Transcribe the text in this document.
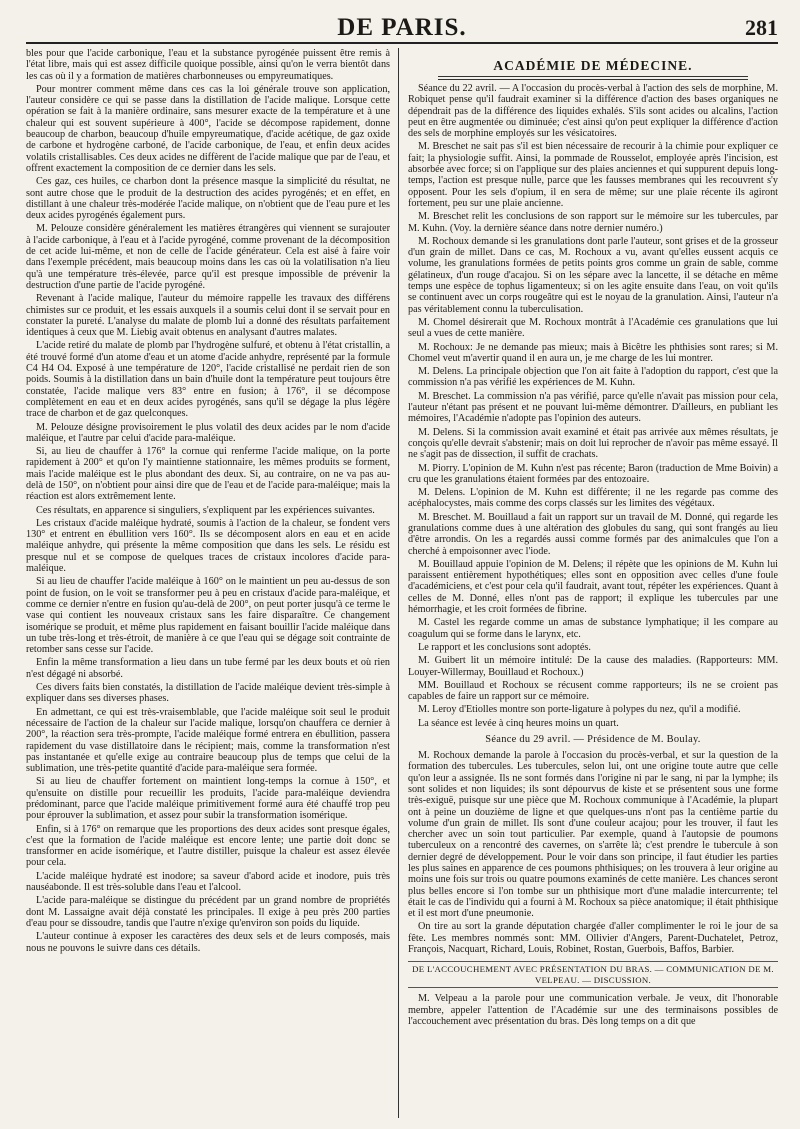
DE PARIS.	281

bles pour que l'acide carbonique, l'eau et la substance pyrogénée puissent être remis à l'état libre, mais qui est assez difficile quoique possible, ainsi qu'on le verra bientôt dans les cas où il y a formation de matières charbonneuses ou empyreumatiques.

Pour montrer comment même dans ces cas la loi générale trouve son application, l'auteur considère ce qui se passe dans la distillation de l'acide malique. Lorsque cette opération se fait à la manière ordinaire, sans mesurer exacte de la température et à une chaleur qui est souvent supérieure à 400°, l'acide se décompose rapidement, donne beaucoup de charbon, beaucoup d'huile empyreumatique, d'acide acétique, de gaz oxide de carbone et hydrogène carboné, de l'acide carbonique, de l'eau, et enfin deux acides volatils cristallisables. Ces deux acides ne diffèrent de l'acide malique que par de l'eau, et offrent exactement la composition de ce dernier dans les sels.

Ces gaz, ces huiles, ce charbon dont la présence masque la simplicité du résultat, ne sont autre chose que le produit de la destruction des acides pyrogénés; et en effet, en distillant à une chaleur très-modérée l'acide malique, on n'obtient que de l'eau pure et les deux acides pyrogénés également purs.

M. Pelouze considère généralement les matières étrangères qui viennent se surajouter à l'acide carbonique, à l'eau et à l'acide pyrogéné, comme provenant de la décomposition de cet acide lui-même, et non de celle de l'acide générateur. Cela est aisé à faire voir dans l'exemple précédent, mais beaucoup moins dans les cas où la volatilisation n'a lieu qu'à une température très-élevée, parce qu'il est presque impossible de prévenir la destruction d'une partie de l'acide pyrogéné.

Revenant à l'acide malique, l'auteur du mémoire rappelle les travaux des différens chimistes sur ce produit, et les essais auxquels il a soumis celui dont il se servait pour en constater la pureté. L'analyse du malate de plomb lui a donné des résultats parfaitement identiques à ceux que M. Liebig avait obtenus en analysant d'autres malates.

L'acide retiré du malate de plomb par l'hydrogène sulfuré, et obtenu à l'état cristallin, a été trouvé formé d'un atome d'eau et un atome d'acide anhydre, représenté par la formule C4 H4 O4. Exposé à une température de 120°, l'acide cristallisé ne perdait rien de son poids. Soumis à la distillation dans un bain d'huile dont la température peut toujours être constatée, l'acide malique vers 83° entre en fusion; à 176°, il se décompose complètement en eau et en deux acides pyrogénés, sans qu'il se dégage la plus légère trace de charbon et de gaz quelconques.

M. Pelouze désigne provisoirement le plus volatil des deux acides par le nom d'acide maléique, et l'autre par celui d'acide para-maléique.

Si, au lieu de chauffer à 176° la cornue qui renferme l'acide malique, on la porte rapidement à 200° et qu'on l'y maintienne stationnaire, les mêmes produits se forment, mais l'acide maléique est le plus abondant des deux. Si, au contraire, on ne va pas au-delà de 150°, on n'obtient pour ainsi dire que de l'eau et de l'acide para-maléique; mais la réaction est alors extrêmement lente.

Ces résultats, en apparence si singuliers, s'expliquent par les expériences suivantes.

Les cristaux d'acide maléique hydraté, soumis à l'action de la chaleur, se fondent vers 130° et entrent en ébullition vers 160°. Ils se décomposent alors en eau et en acide maléique anhydre, qui présente la même composition que dans les sels. Le résidu est presque nul et se compose de quelques traces de cristaux incolores d'acide para-maléique.

Si au lieu de chauffer l'acide maléique à 160° on le maintient un peu au-dessus de son point de fusion, on le voit se transformer peu à peu en cristaux d'acide para-maléique, et comme ce dernier n'entre en fusion qu'au-delà de 200°, on peut porter jusqu'à ce terme le vase qui contient les nouveaux cristaux sans les faire disparaître. Ce changement isomérique se produit, et même plus rapidement en faisant bouillir l'acide maléique dans un tube très-long et très-étroit, de manière à ce que l'eau qui se dégage soit contrainte de retomber sans cesse sur l'acide.

Enfin la même transformation a lieu dans un tube fermé par les deux bouts et où rien n'est dégagé ni absorbé.

Ces divers faits bien constatés, la distillation de l'acide maléique devient très-simple à expliquer dans ses diverses phases.

En admettant, ce qui est très-vraisemblable, que l'acide maléique soit seul le produit nécessaire de l'action de la chaleur sur l'acide malique, lorsqu'on chauffera ce dernier à 200°, la réaction sera très-prompte, l'acide maléique formé entrera en ébullition, passera rapidement du vase distillatoire dans le récipient; mais, comme la transformation n'est pas instantanée et qu'elle exige au contraire beaucoup plus de temps que celui de la sublimation, une très-petite quantité d'acide para-maléique sera formée.

Si au lieu de chauffer fortement on maintient long-temps la cornue à 150°, et qu'ensuite on distille pour recueillir les produits, l'acide para-maléique deviendra prédominant, parce que l'acide maléique primitivement formé aura été chauffé trop peu pour éprouver la sublimation, et assez pour subir la transformation isomérique.

Enfin, si à 176° on remarque que les proportions des deux acides sont presque égales, c'est que la formation de l'acide maléique est encore lente; une partie doit donc se transformer en acide isomérique, et l'autre distiller, puisque la chaleur est assez élevée pour cela.

L'acide maléique hydraté est inodore; sa saveur d'abord acide et inodore, puis très nauséabonde. Il est très-soluble dans l'eau et l'alcool.

L'acide para-maléique se distingue du précédent par un grand nombre de propriétés dont M. Lassaigne avait déjà constaté les principales. Il exige à peu près 200 parties d'eau pour se dissoudre, tandis que l'autre n'exige qu'environ son poids du liquide.

L'auteur continue à exposer les caractères des deux sels et de leurs composés, mais nous ne pouvons le suivre dans ces détails.

ACADÉMIE DE MÉDECINE.

Séance du 22 avril. — A l'occasion du procès-verbal à l'action des sels de morphine, M. Robiquet pense qu'il faudrait examiner si la différence d'action des bases organiques ne dépendrait pas de la différence des liquides exhalés. S'ils sont acides ou alcalins, l'action peut en être augmentée ou diminuée; c'est ainsi qu'on peut expliquer la différence d'action des sels de morphine employés sur les vésicatoires.

M. Breschet ne sait pas s'il est bien nécessaire de recourir à la chimie pour expliquer ce fait; la physiologie suffit. Ainsi, la pommade de Rousselot, employée après l'incision, est absorbée avec force; si on l'applique sur des plaies anciennes et qui suppurent depuis long-temps, l'action est presque nulle, parce que les fausses membranes qui les recouvrent s'y opposent. Pour les sels d'opium, il en sera de même; sur une plaie récente ils agiront fortement, peu sur une plaie ancienne.

M. Breschet relit les conclusions de son rapport sur le mémoire sur les tubercules, par M. Kuhn. (Voy. la dernière séance dans notre dernier numéro.)

M. Rochoux demande si les granulations dont parle l'auteur, sont grises et de la grosseur d'un grain de millet. Dans ce cas, M. Rochoux a vu, avant qu'elles eussent acquis ce volume, les granulations formées de petits points gros comme un grain de sable, comme gélatineux, d'un rouge d'acajou. Si on les sépare avec la lancette, il se détache en même temps une espèce de tophus ligamenteux; si on les agite ensuite dans l'eau, on voit qu'ils se continuent avec un corps rougeâtre qui est le noyau de la granulation. Ainsi, l'auteur n'a pas véritablement connu la tuberculisation.

M. Chomel désirerait que M. Rochoux montrât à l'Académie ces granulations que lui seul a vues de cette manière.

M. Rochoux: Je ne demande pas mieux; mais à Bicêtre les phthisies sont rares; si M. Chomel veut m'avertir quand il en aura un, je me charge de les lui montrer.

M. Delens. La principale objection que l'on ait faite à l'adoption du rapport, c'est que la commission n'a pas vérifié les expériences de M. Kuhn.

M. Breschet. La commission n'a pas vérifié, parce qu'elle n'avait pas mission pour cela, l'auteur n'étant pas présent et ne pouvant lui-même démontrer. D'ailleurs, en publiant les mémoires, l'Académie n'adopte pas l'opinion des auteurs.

M. Delens. Si la commission avait examiné et était pas arrivée aux mêmes résultats, je conçois qu'elle devrait s'abstenir; mais on doit lui reprocher de n'avoir pas même essayé. Il ne s'agit pas de dissection, il suffit de crachats.

M. Piorry. L'opinion de M. Kuhn n'est pas récente; Baron (traduction de Mme Boivin) a cru que les granulations étaient formées par des entozoaire.

M. Delens. L'opinion de M. Kuhn est différente; il ne les regarde pas comme des acéphalocystes, mais comme des corps classés sur les limites des végétaux.

M. Breschet. M. Bouillaud a fait un rapport sur un travail de M. Donné, qui regarde les granulations comme dues à une altération des globules du sang, qui sont frangés au lieu d'être arrondis. On les a regardés aussi comme formés par des animalcules que l'on a cherché à empoisonner avec l'iode.

M. Bouillaud appuie l'opinion de M. Delens; il répète que les opinions de M. Kuhn lui paraissent entièrement hypothétiques; elles sont en opposition avec celles d'une foule d'académiciens, et c'est pour cela qu'il faudrait, avant tout, répéter les expériences. Quant à celles de M. Donné, elles n'ont pas de rapport; il explique les tubercules par une hémorrhagie, et les croit formées de fibrine.

M. Castel les regarde comme un amas de substance lymphatique; il les compare au coagulum qui se forme dans le larynx, etc.

Le rapport et les conclusions sont adoptés.

M. Guibert lit un mémoire intitulé: De la cause des maladies. (Rapporteurs: MM. Louyer-Willermay, Bouillaud et Rochoux.)

MM. Bouillaud et Rochoux se récusent comme rapporteurs; ils ne se croient pas capables de faire un rapport sur ce mémoire.

M. Leroy d'Etiolles montre son porte-ligature à polypes du nez, qu'il a modifié.

La séance est levée à cinq heures moins un quart.

Séance du 29 avril. — Présidence de M. Boulay.

M. Rochoux demande la parole à l'occasion du procès-verbal, et sur la question de la formation des tubercules. Les tubercules, selon lui, ont une origine toute autre que celle qu'on leur a assignée. Ils ne sont formés dans l'origine ni par le sang, ni par la lymphe; ils sont solides et non liquides; ils sont dépourvus de kiste et se présentent sous une forme très-exiguë, puisque sur une pièce que M. Rochoux communique à l'Académie, la plupart ont à peine un douzième de ligne et que quelques-uns n'ont pas la centième partie du volume d'un grain de millet. Ils sont d'une couleur acajou; pour les trouver, il faut les chercher avec un soin tout particulier. Par exemple, quand à l'autopsie de poumons tuberculeux on a rencontré des cavernes, on s'arrête là; c'est prendre le tubercule à son dernier degré de développement. Pour le voir dans son principe, il faut étudier les parties les plus saines en apparence de ces poumons phthisiques; on les trouvera à leur origine au moins une fois sur trois ou quatre poumons examinés de cette manière. Les chances seront plus belles encore si l'on tombe sur un phthisique mort d'une maladie intercurrente; tel était le cas de l'individu qui a fourni à M. Rochoux sa pièce anatomique; il était phthisique et il est mort d'une pneumonie.

On tire au sort la grande députation chargée d'aller complimenter le roi le jour de sa fête. Les membres nommés sont: MM. Ollivier d'Angers, Parent-Duchatelet, Petroz, François, Nacquart, Richard, Louis, Robinet, Rostan, Guerbois, Baffos, Barbier.

DE L'ACCOUCHEMENT AVEC PRÉSENTATION DU BRAS. — COMMUNICATION DE M. VELPEAU. — DISCUSSION.

M. Velpeau a la parole pour une communication verbale. Je veux, dit l'honorable membre, appeler l'attention de l'Académie sur une des terminaisons possibles de l'accouchement avec présentation du bras. Dès long temps on a dit que
